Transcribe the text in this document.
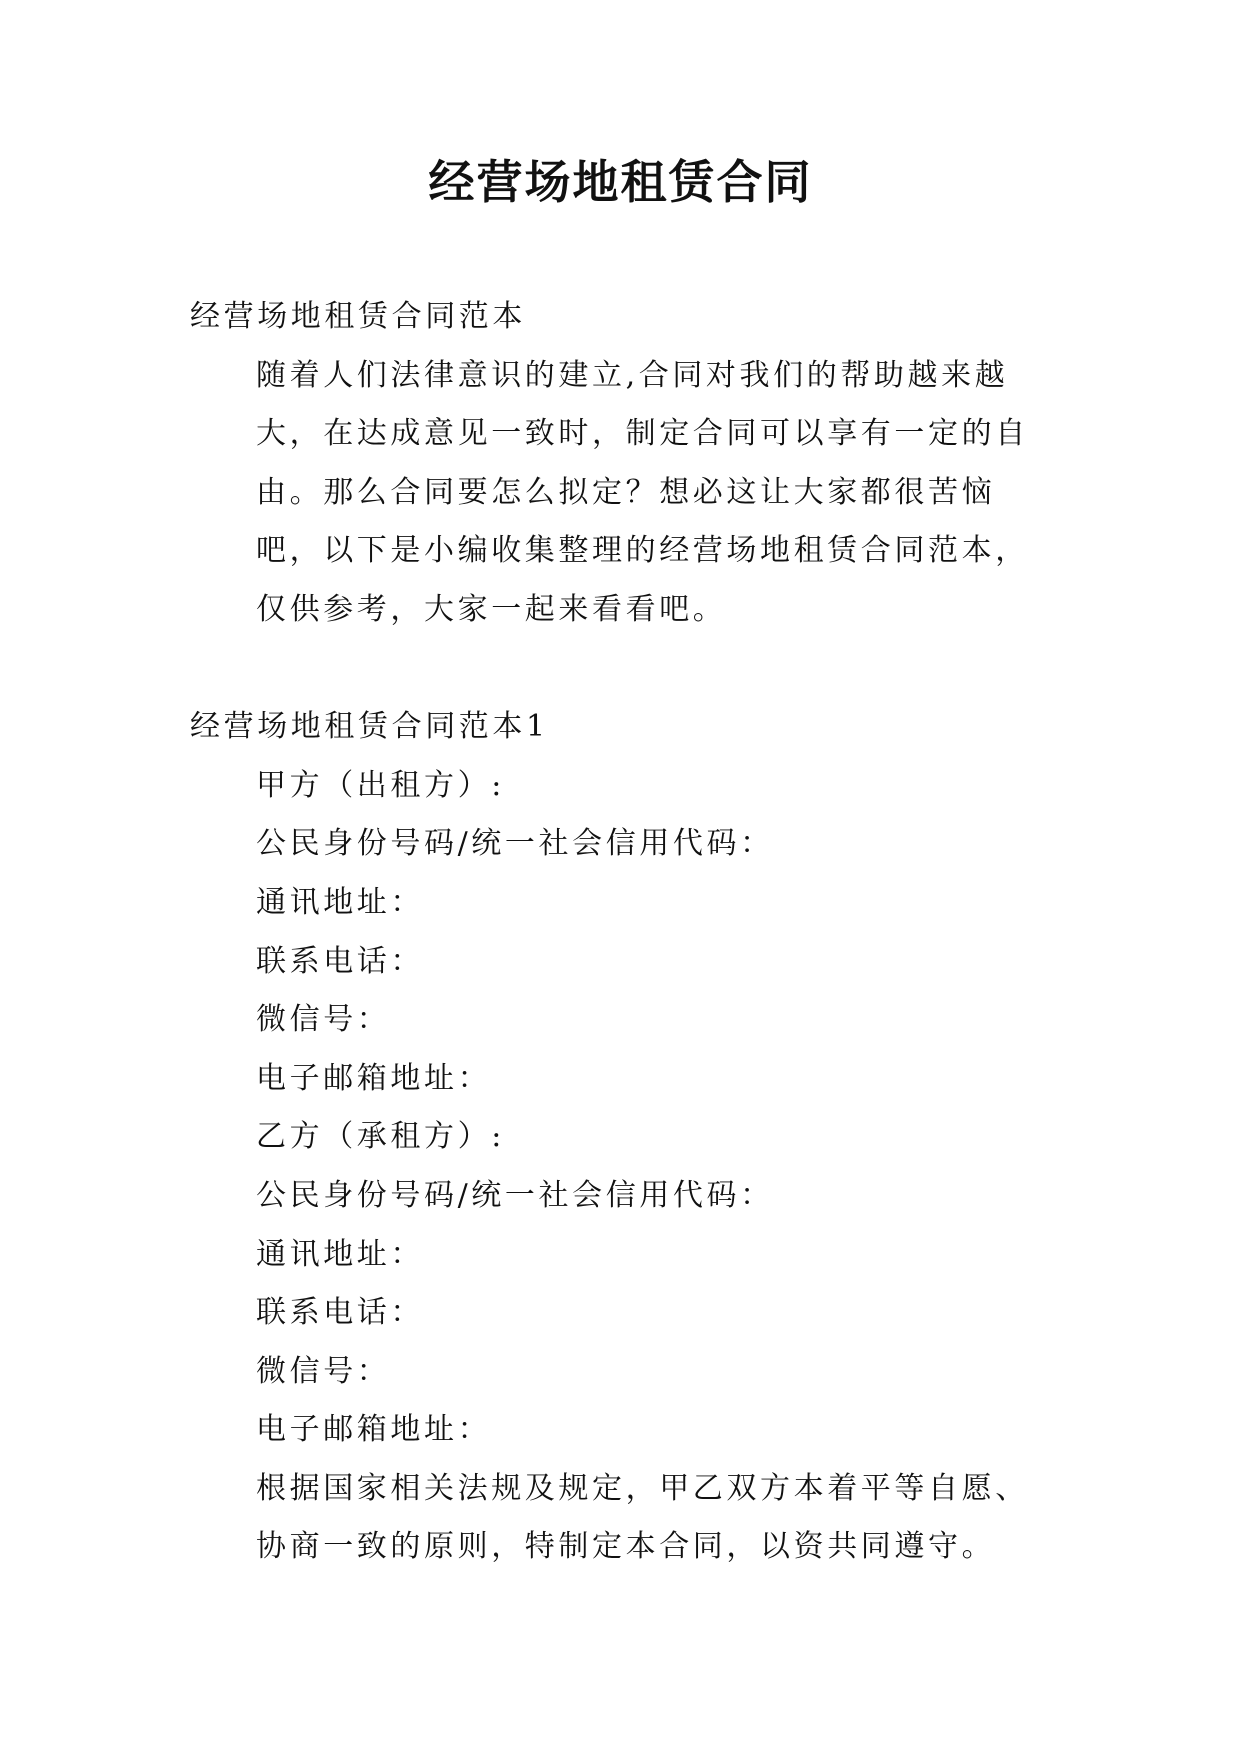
经营场地租赁合同

经营场地租赁合同范本

随着人们法律意识的建立,合同对我们的帮助越来越大，在达成意见一致时，制定合同可以享有一定的自由。那么合同要怎么拟定？想必这让大家都很苦恼吧，以下是小编收集整理的经营场地租赁合同范本，仅供参考，大家一起来看看吧。

经营场地租赁合同范本1

甲方（出租方）:

公民身份号码/统一社会信用代码：

通讯地址：

联系电话：

微信号：

电子邮箱地址：

乙方（承租方）:

公民身份号码/统一社会信用代码：

通讯地址：

联系电话：

微信号：

电子邮箱地址：

根据国家相关法规及规定，甲乙双方本着平等自愿、协商一致的原则，特制定本合同，以资共同遵守。
